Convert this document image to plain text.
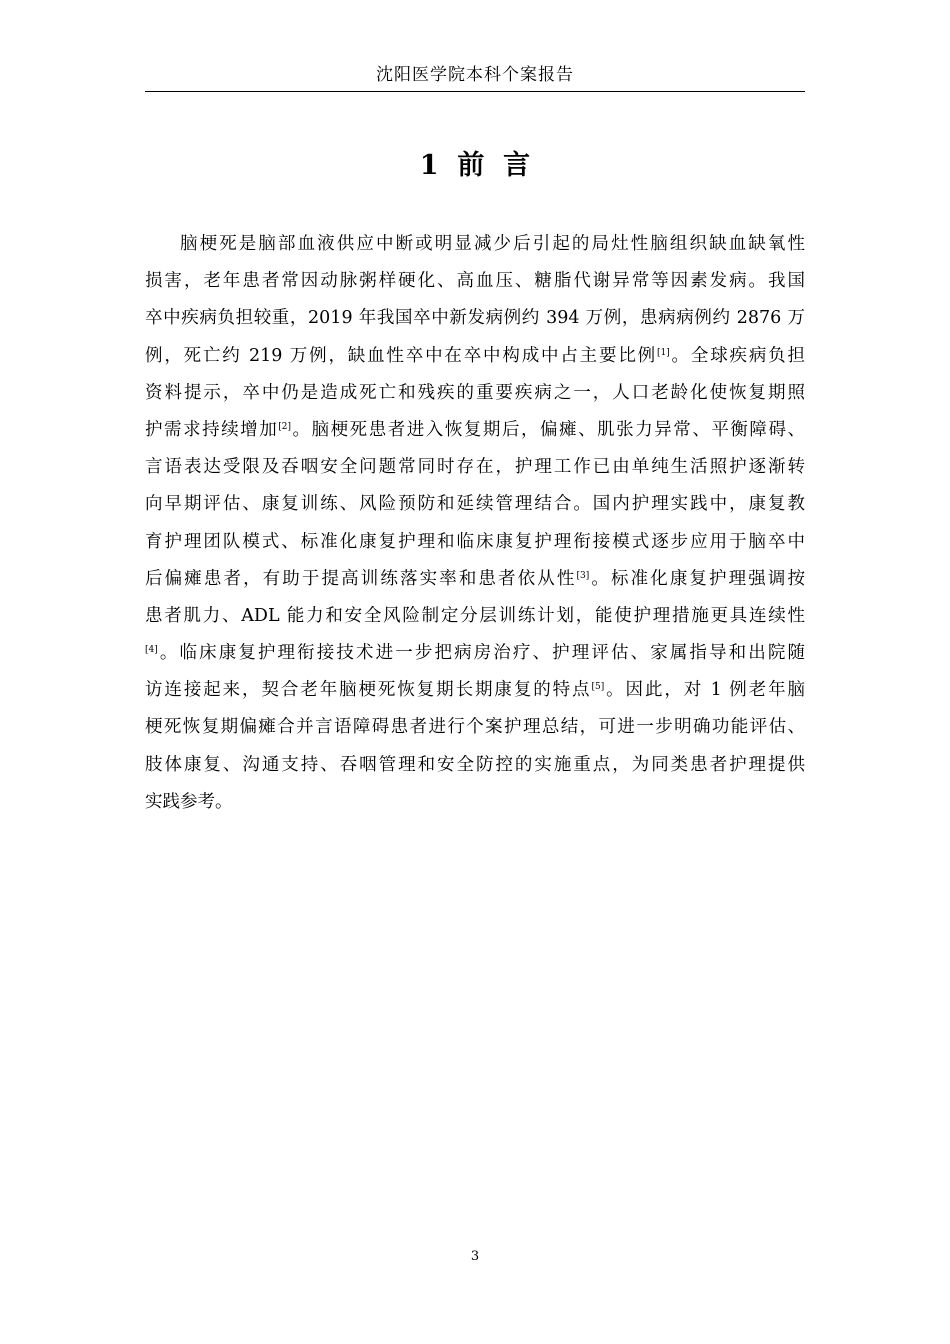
沈阳医学院本科个案报告
1  前  言
脑梗死是脑部血液供应中断或明显减少后引起的局灶性脑组织缺血缺氧性
损害，老年患者常因动脉粥样硬化、高血压、糖脂代谢异常等因素发病。我国
卒中疾病负担较重，2019 年我国卒中新发病例约 394 万例，患病病例约 2876 万
例，死亡约 219 万例，缺血性卒中在卒中构成中占主要比例[1]。全球疾病负担
资料提示，卒中仍是造成死亡和残疾的重要疾病之一，人口老龄化使恢复期照
护需求持续增加[2]。脑梗死患者进入恢复期后，偏瘫、肌张力异常、平衡障碍、
言语表达受限及吞咽安全问题常同时存在，护理工作已由单纯生活照护逐渐转
向早期评估、康复训练、风险预防和延续管理结合。国内护理实践中，康复教
育护理团队模式、标准化康复护理和临床康复护理衔接模式逐步应用于脑卒中
后偏瘫患者，有助于提高训练落实率和患者依从性[3]。标准化康复护理强调按
患者肌力、ADL 能力和安全风险制定分层训练计划，能使护理措施更具连续性
[4]。临床康复护理衔接技术进一步把病房治疗、护理评估、家属指导和出院随
访连接起来，契合老年脑梗死恢复期长期康复的特点[5]。因此，对 1 例老年脑
梗死恢复期偏瘫合并言语障碍患者进行个案护理总结，可进一步明确功能评估、
肢体康复、沟通支持、吞咽管理和安全防控的实施重点，为同类患者护理提供
实践参考。
3
